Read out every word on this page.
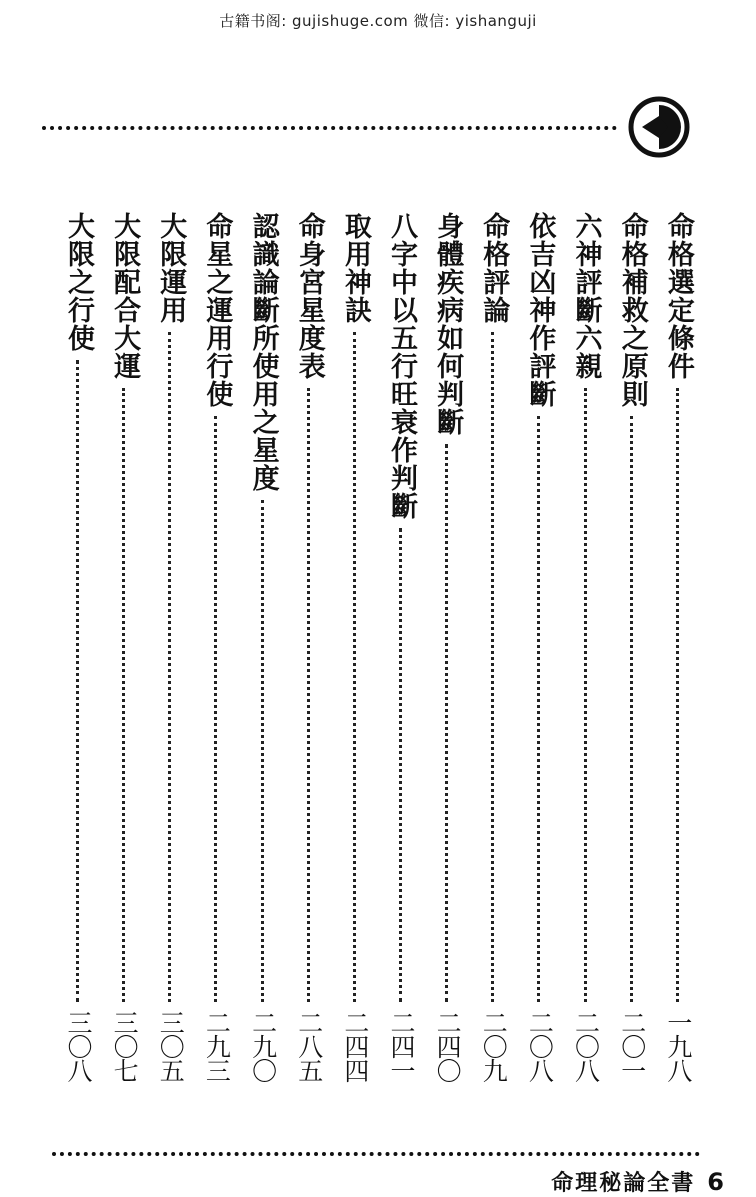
古籍书阁: gujishuge.com 微信: yishanguji
命格選定條件
一九八
命格補救之原則
二〇一
六神評斷六親
二〇八
依吉凶神作評斷
二〇八
命格評論
二〇九
身體疾病如何判斷
二四〇
八字中以五行旺衰作判斷
二四一
取用神訣
二四四
命身宮星度表
二八五
認識論斷所使用之星度
二九〇
命星之運用行使
二九三
大限運用
三〇五
大限配合大運
三〇七
大限之行使
三〇八
命理秘論全書 6
